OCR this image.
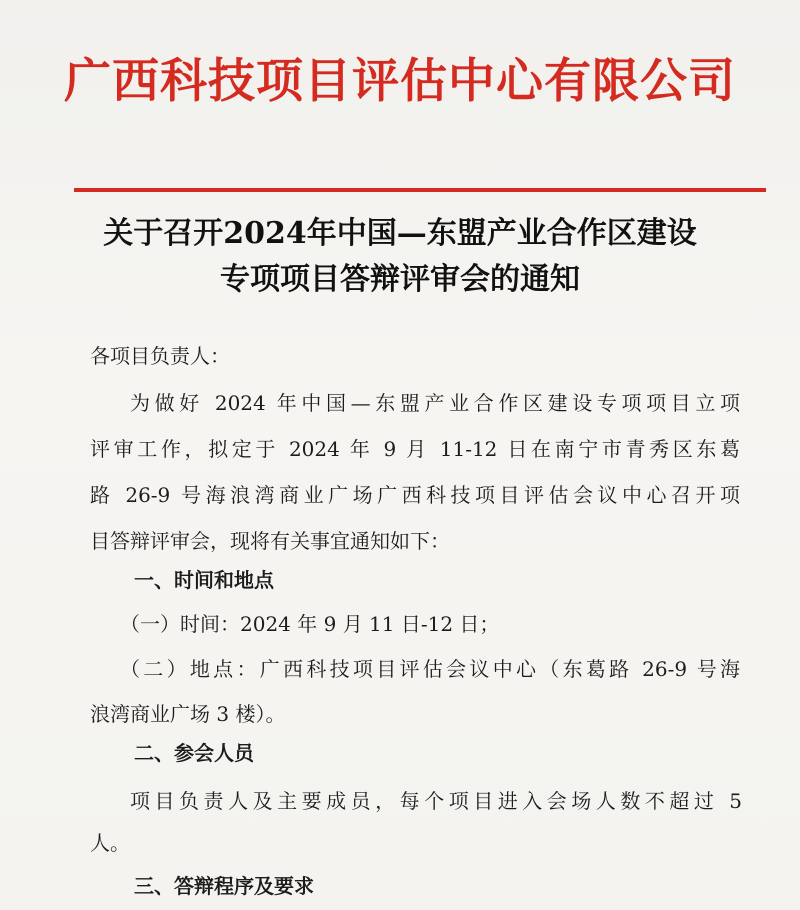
广西科技项目评估中心有限公司
关于召开2024年中国—东盟产业合作区建设
专项项目答辩评审会的通知
各项目负责人：
为做好 2024 年中国—东盟产业合作区建设专项项目立项
评审工作，拟定于 2024 年 9 月 11-12 日在南宁市青秀区东葛
路 26-9 号海浪湾商业广场广西科技项目评估会议中心召开项
目答辩评审会，现将有关事宜通知如下：
一、时间和地点
（一）时间：2024 年 9 月 11 日-12 日；
（二）地点：广西科技项目评估会议中心（东葛路 26-9 号海
浪湾商业广场 3 楼）。
二、参会人员
项目负责人及主要成员，每个项目进入会场人数不超过 5
人。
三、答辩程序及要求
